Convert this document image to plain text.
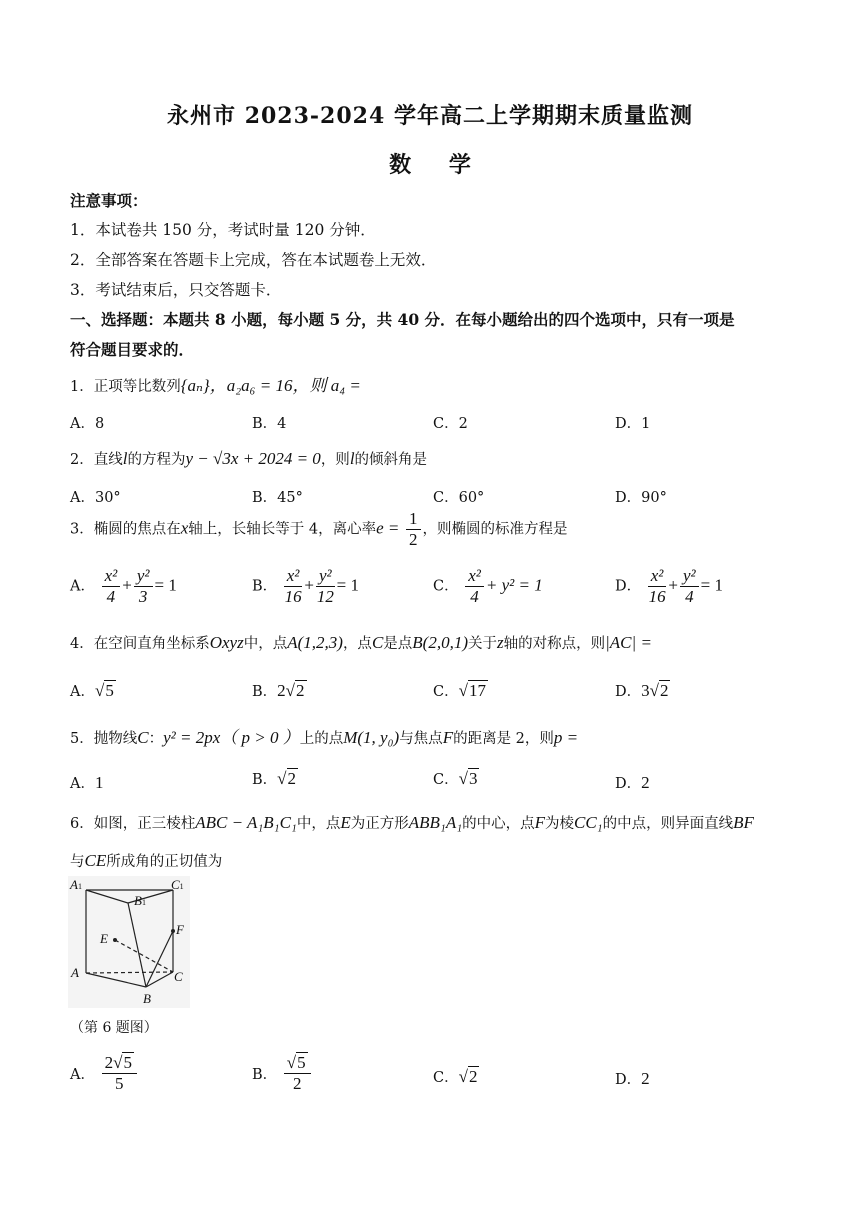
永州市 2023-2024 学年高二上学期期末质量监测
数 学
注意事项：
1．本试卷共 150 分，考试时量 120 分钟．
2．全部答案在答题卡上完成，答在本试题卷上无效．
3．考试结束后，只交答题卡．
一、选择题：本题共 8 小题，每小题 5 分，共 40 分．在每小题给出的四个选项中，只有一项是
符合题目要求的．
1．正项等比数列{aₙ}，a₂a₆ = 16，则 a₄ =
A．8	B．4	C．2	D．1
2．直线l的方程为y − √3x + 2024 = 0，则l的倾斜角是
A．30°	B．45°	C．60°	D．90°
3．椭圆的焦点在x轴上，长轴长等于 4，离心率$e = \frac{1}{2}$ ，则椭圆的标准方程是
A． $\frac{\text{x²}}{4} + \frac{\text{y²}}{3} = 1$	B． $\frac{\text{x²}}{16} + \frac{\text{y²}}{12} = 1$	C． $\frac{\text{x²}}{4} + y^2 = 1$	D． $\frac{\text{x²}}{16} + \frac{\text{y²}}{4} = 1$
4．在空间直角坐标系Oxyz中，点A(1,2,3)，点C是点B(2,0,1)关于z轴的对称点，则|AC| =
A．√5	B．2√2	C．√17	D．3√2
5．抛物线C：y² = 2px（ p > 0 ）上的点M(1, y₀)与焦点F的距离是 2，则p =
A．1	B．√2	C．√3	D．2
6．如图，正三棱柱ABC − A₁B₁C₁中，点E为正方形ABB₁A₁的中心，点F为棱CC₁的中点，则异面直线BF
与CE所成角的正切值为
A1	C1
B1
E
F
A	C
B
（第 6 题图）
A． $\frac{2√5}{5}$	B． $\frac{√5}{2}$	C．√2	D．2
